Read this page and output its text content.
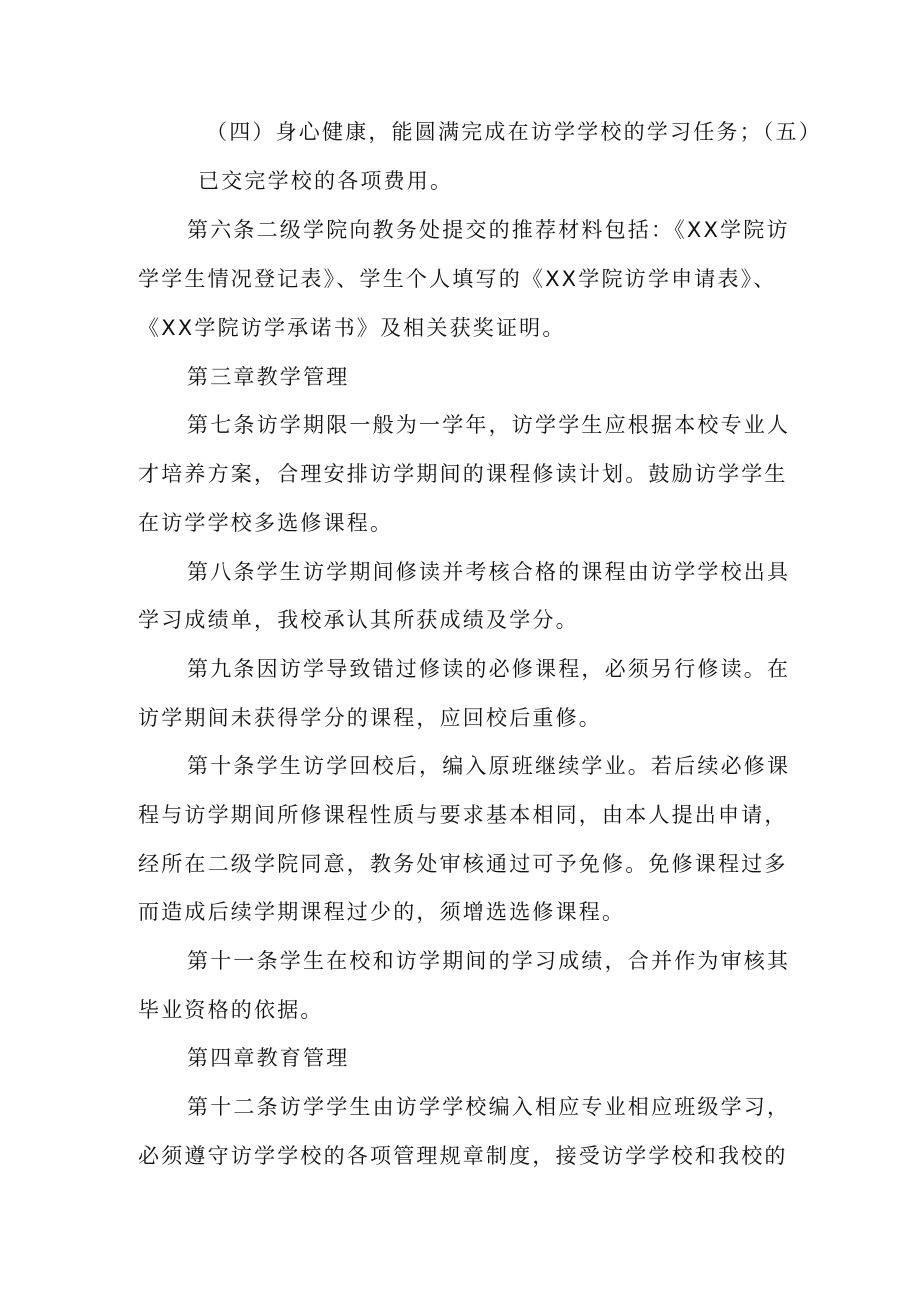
（四）身心健康，能圆满完成在访学学校的学习任务；（五）
已交完学校的各项费用。
第六条二级学院向教务处提交的推荐材料包括：《XX学院访
学学生情况登记表》、学生个人填写的《XX学院访学申请表》、
《XX学院访学承诺书》及相关获奖证明。
第三章教学管理
第七条访学期限一般为一学年，访学学生应根据本校专业人
才培养方案，合理安排访学期间的课程修读计划。鼓励访学学生
在访学学校多选修课程。
第八条学生访学期间修读并考核合格的课程由访学学校出具
学习成绩单，我校承认其所获成绩及学分。
第九条因访学导致错过修读的必修课程，必须另行修读。在
访学期间未获得学分的课程，应回校后重修。
第十条学生访学回校后，编入原班继续学业。若后续必修课
程与访学期间所修课程性质与要求基本相同，由本人提出申请，
经所在二级学院同意，教务处审核通过可予免修。免修课程过多
而造成后续学期课程过少的，须增选选修课程。
第十一条学生在校和访学期间的学习成绩，合并作为审核其
毕业资格的依据。
第四章教育管理
第十二条访学学生由访学学校编入相应专业相应班级学习，
必须遵守访学学校的各项管理规章制度，接受访学学校和我校的
